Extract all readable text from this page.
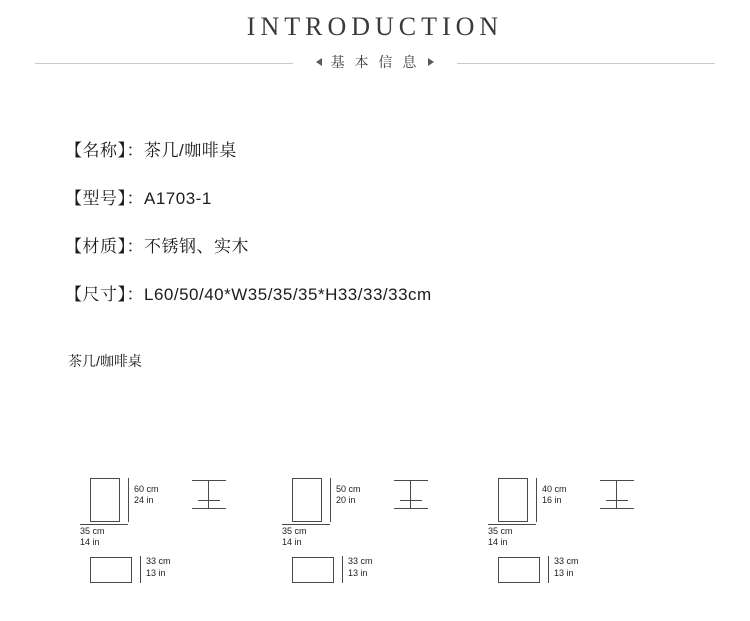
INTRODUCTION
基 本 信 息
【名称】：茶几/咖啡桌
【型号】：A1703-1
【材质】：不锈钢、实木
【尺寸】：L60/50/40*W35/35/35*H33/33/33cm
茶几/咖啡桌
60 cm
24 in
35 cm
14 in
33 cm
13 in
50 cm
20 in
35 cm
14 in
33 cm
13 in
40 cm
16 in
35 cm
14 in
33 cm
13 in
